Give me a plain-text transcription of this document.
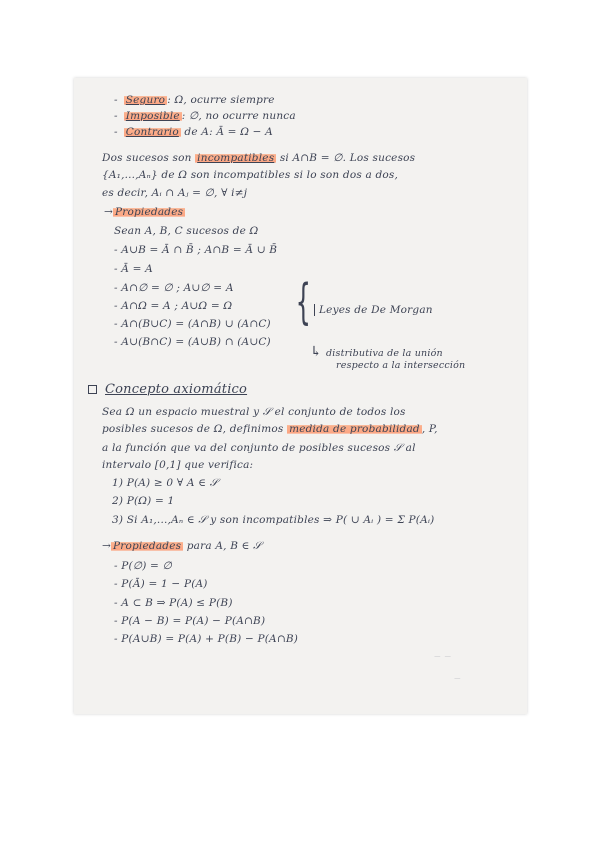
- Seguro : Ω, ocurre siempre
- Imposible : ∅, no ocurre nunca
- Contrario de A: Ā = Ω − A
Dos sucesos son incompatibles si A∩B = ∅. Los sucesos
{A₁,...,Aₙ} de Ω son incompatibles si lo son dos a dos,
es decir, Aᵢ ∩ Aⱼ = ∅, ∀ i≠j
→ Propiedades
Sean A, B, C sucesos de Ω
- A∪B = Ā ∩ B̄ ; A∩B = Ā ∪ B̄
- Ā = A
- A∩∅ = ∅ ; A∪∅ = A
- A∩Ω = A ; A∪Ω = Ω
- A∩(B∪C) = (A∩B) ∪ (A∩C)
- A∪(B∩C) = (A∪B) ∩ (A∪C)
{ Leyes de De Morgan
↳ distributiva de la unión
respecto a la intersección
Concepto axiomático
Sea Ω un espacio muestral y 𝒮 el conjunto de todos los
posibles sucesos de Ω, definimos medida de probabilidad , P,
a la función que va del conjunto de posibles sucesos 𝒮 al
intervalo [0,1] que verifica:
1) P(A) ≥ 0 ∀ A ∈ 𝒮
2) P(Ω) = 1
3) Si A₁,...,Aₙ ∈ 𝒮 y son incompatibles ⇒ P( ∪ Aᵢ ) = Σ P(Aᵢ)
→ Propiedades para A, B ∈ 𝒮
- P(∅) = ∅
- P(Ā) = 1 − P(A)
- A ⊂ B ⇒ P(A) ≤ P(B)
- P(A − B) = P(A) − P(A∩B)
- P(A∪B) = P(A) + P(B) − P(A∩B)
‒ ‒
‒
